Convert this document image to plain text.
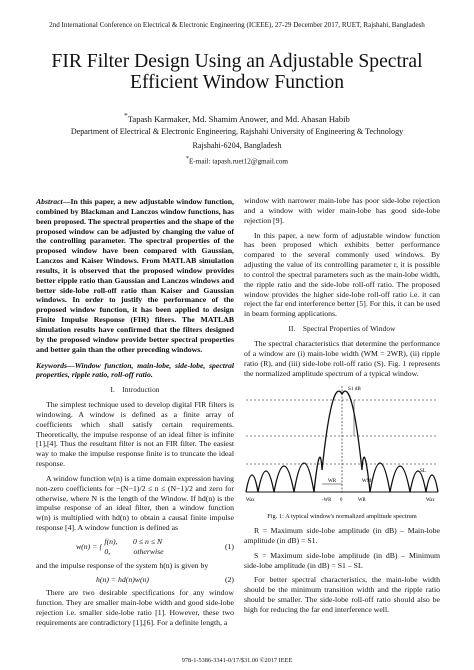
2nd International Conference on Electrical & Electronic Engineering (ICEEE), 27-29 December 2017, RUET, Rajshahi, Bangladesh
FIR Filter Design Using an Adjustable Spectral
Efficient Window Function
*Tapash Karmaker, Md. Shamim Anower, and Md. Ahasan Habib
Department of Electrical & Electronic Engineering, Rajshahi University of Engineering & Technology
Rajshahi-6204, Bangladesh
*E-mail: tapash.ruet12@gmail.com

Abstract—In this paper, a new adjustable window function, combined by Blackman and Lanczos window functions, has been proposed. The spectral properties and the shape of the proposed window can be adjusted by changing the value of the controlling parameter. The spectral properties of the proposed window have been compared with Gaussian, Lanczos and Kaiser Windows. From MATLAB simulation results, it is observed that the proposed window provides better ripple ratio than Gaussian and Lanczos windows and better side-lobe roll-off ratio than Kaiser and Gaussian windows. In order to justify the performance of the proposed window function, it has been applied to design Finite Impulse Response (FIR) filters. The MATLAB simulation results have confirmed that the filters designed by the proposed window provide better spectral properties and better gain than the other preceding windows.

Keywords—Window function, main-lobe, side-lobe, spectral properties, ripple ratio, roll-off ratio.

I. Introduction

The simplest technique used to develop digital FIR filters is windowing. A window is defined as a finite array of coefficients which shall satisfy certain requirements. Theoretically, the impulse response of an ideal filter is infinite [1],[4]. Thus the resultant filter is not an FIR filter. The easiest way to make the impulse response finite is to truncate the ideal response.

A window function w(n) is a time domain expression having non-zero coefficients for −(N−1)/2 ≤ n ≤ (N−1)/2 and zero for otherwise, where N is the length of the Window. If hd(n) is the impulse response of an ideal filter, then a window function w(n) is multiplied with hd(n) to obtain a causal finite impulse response [4]. A window function is defined as

w(n) = {
f(n),  0 ≤ n ≤ N
0,   otherwise
(1)

and the impulse response of the system h(n) is given by

h(n) = hd(n)w(n)	(2)

There are two desirable specifications for any window function. They are smaller main-lobe width and good side-lobe rejection i.e. smaller side-lobe ratio [1]. However, these two requirements are contradictory [1],[6]. For a definite length, a

window with narrower main-lobe has poor side-lobe rejection and a window with wider main-lobe has good side-lobe rejection [9].

In this paper, a new form of adjustable window function has been proposed which exhibits better performance compared to the several commonly used windows. By adjusting the value of its controlling parameter r, it is possible to control the spectral parameters such as the main-lobe width, the ripple ratio and the side-lobe roll-off ratio. The proposed window provides the higher side-lobe roll-off ratio i.e. it can reject the far end interference better [5]. For this, it can be used in beam forming applications.

II. Spectral Properties of Window

The spectral characteristics that determine the performance of a window are (i) main-lobe width (WM = 2WR), (ii) ripple ratio (R), and (iii) side-lobe roll-off ratio (S). Fig. 1 represents the normalized amplitude spectrum of a typical window.

S1 dB
SL
WR	WM
Wax	-WR 0	WR	Wax

Fig. 1: A typical window's normalized amplitude spectrum

R = Maximum side-lobe amplitude (in dB) – Main-lobe amplitude (in dB) = S1.

S = Maximum side-lobe amplitude (in dB) – Minimum side-lobe amplitude (in dB) = S1 – SL

For better spectral characteristics, the main-lobe width should be the minimum transition width and the ripple ratio should be smaller. The side-lobe roll-off ratio should also be high for reducing the far end interference well.

978-1-5386-3341-0/17/$31.00 ©2017 IEEE
